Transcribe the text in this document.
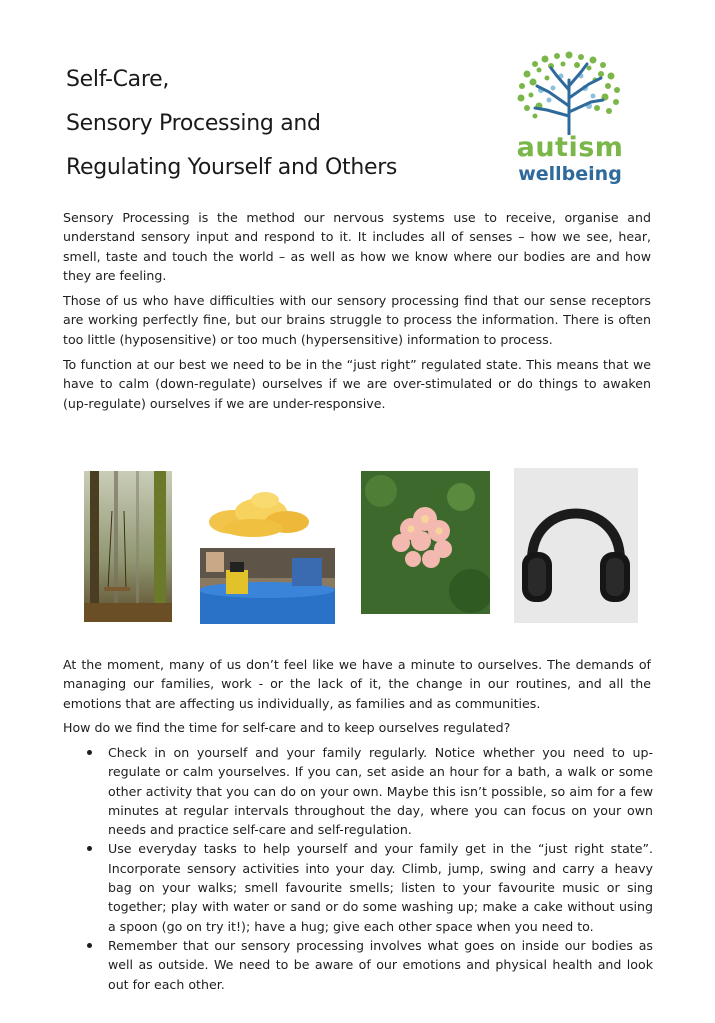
Self-Care,
Sensory Processing and
Regulating Yourself and Others
autism
wellbeing

Sensory Processing is the method our nervous systems use to receive, organise and understand sensory input and respond to it. It includes all of senses – how we see, hear, smell, taste and touch the world – as well as how we know where our bodies are and how they are feeling.

Those of us who have difficulties with our sensory processing find that our sense receptors are working perfectly fine, but our brains struggle to process the information. There is often too little (hyposensitive) or too much (hypersensitive) information to process.

To function at our best we need to be in the “just right” regulated state. This means that we have to calm (down-regulate) ourselves if we are over-stimulated or do things to awaken (up-regulate) ourselves if we are under-responsive.

At the moment, many of us don’t feel like we have a minute to ourselves. The demands of managing our families, work - or the lack of it, the change in our routines, and all the emotions that are affecting us individually, as families and as communities.

How do we find the time for self-care and to keep ourselves regulated?

Check in on yourself and your family regularly. Notice whether you need to up-regulate or calm yourselves. If you can, set aside an hour for a bath, a walk or some other activity that you can do on your own. Maybe this isn’t possible, so aim for a few minutes at regular intervals throughout the day, where you can focus on your own needs and practice self-care and self-regulation.
Use everyday tasks to help yourself and your family get in the “just right state”. Incorporate sensory activities into your day. Climb, jump, swing and carry a heavy bag on your walks; smell favourite smells; listen to your favourite music or sing together; play with water or sand or do some washing up; make a cake without using a spoon (go on try it!); have a hug; give each other space when you need to.
Remember that our sensory processing involves what goes on inside our bodies as well as outside. We need to be aware of our emotions and physical health and look out for each other.
